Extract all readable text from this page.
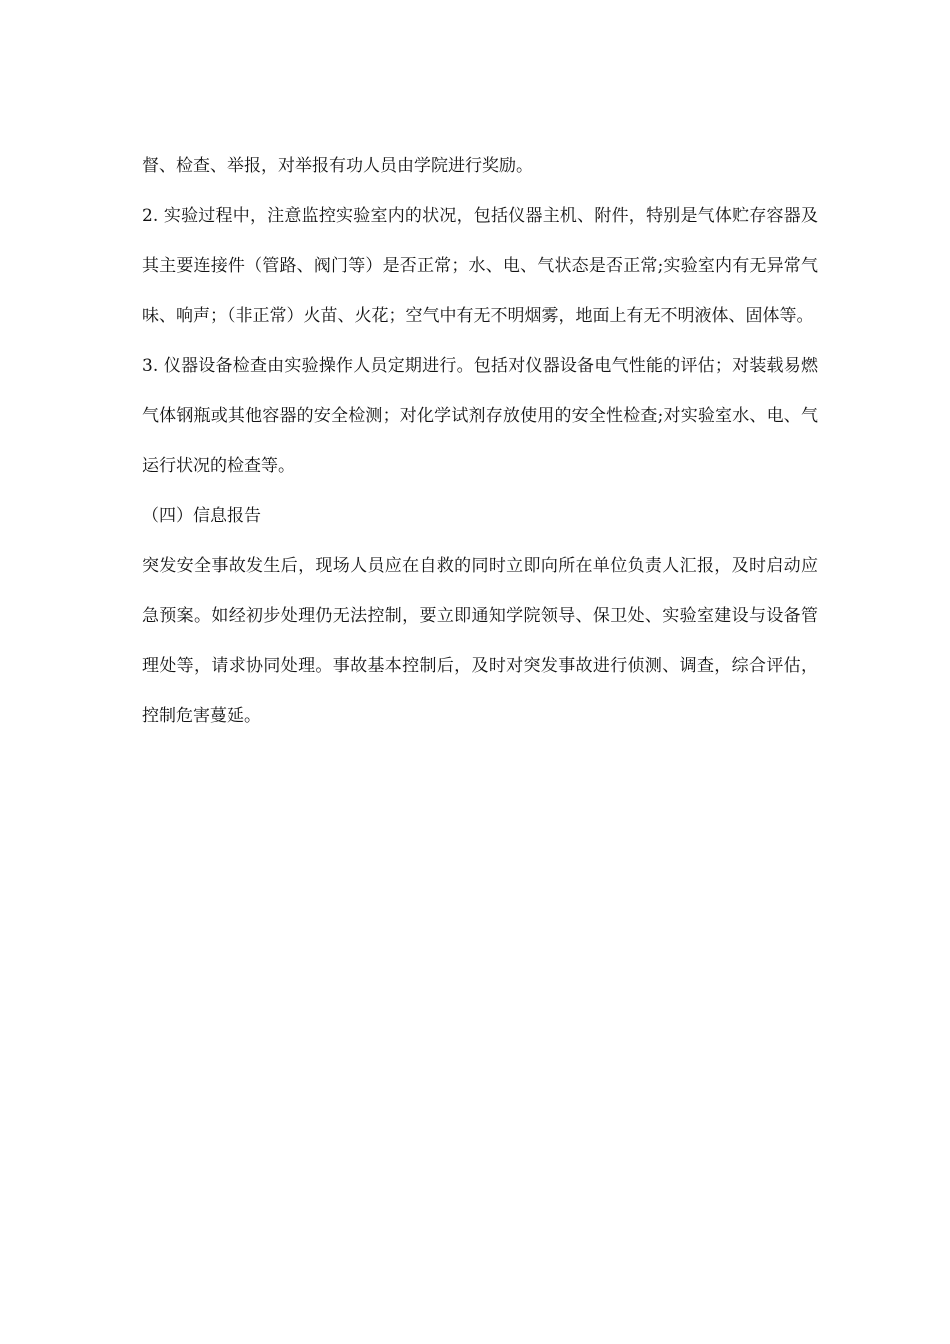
督、检查、举报，对举报有功人员由学院进行奖励。

2. 实验过程中，注意监控实验室内的状况，包括仪器主机、附件，特别是气体贮存容器及其主要连接件（管路、阀门等）是否正常；水、电、气状态是否正常;实验室内有无异常气味、响声；（非正常）火苗、火花；空气中有无不明烟雾，地面上有无不明液体、固体等。

3. 仪器设备检查由实验操作人员定期进行。包括对仪器设备电气性能的评估；对装载易燃气体钢瓶或其他容器的安全检测；对化学试剂存放使用的安全性检查;对实验室水、电、气运行状况的检查等。

（四）信息报告

突发安全事故发生后，现场人员应在自救的同时立即向所在单位负责人汇报，及时启动应急预案。如经初步处理仍无法控制，要立即通知学院领导、保卫处、实验室建设与设备管理处等，请求协同处理。事故基本控制后，及时对突发事故进行侦测、调查，综合评估，控制危害蔓延。
